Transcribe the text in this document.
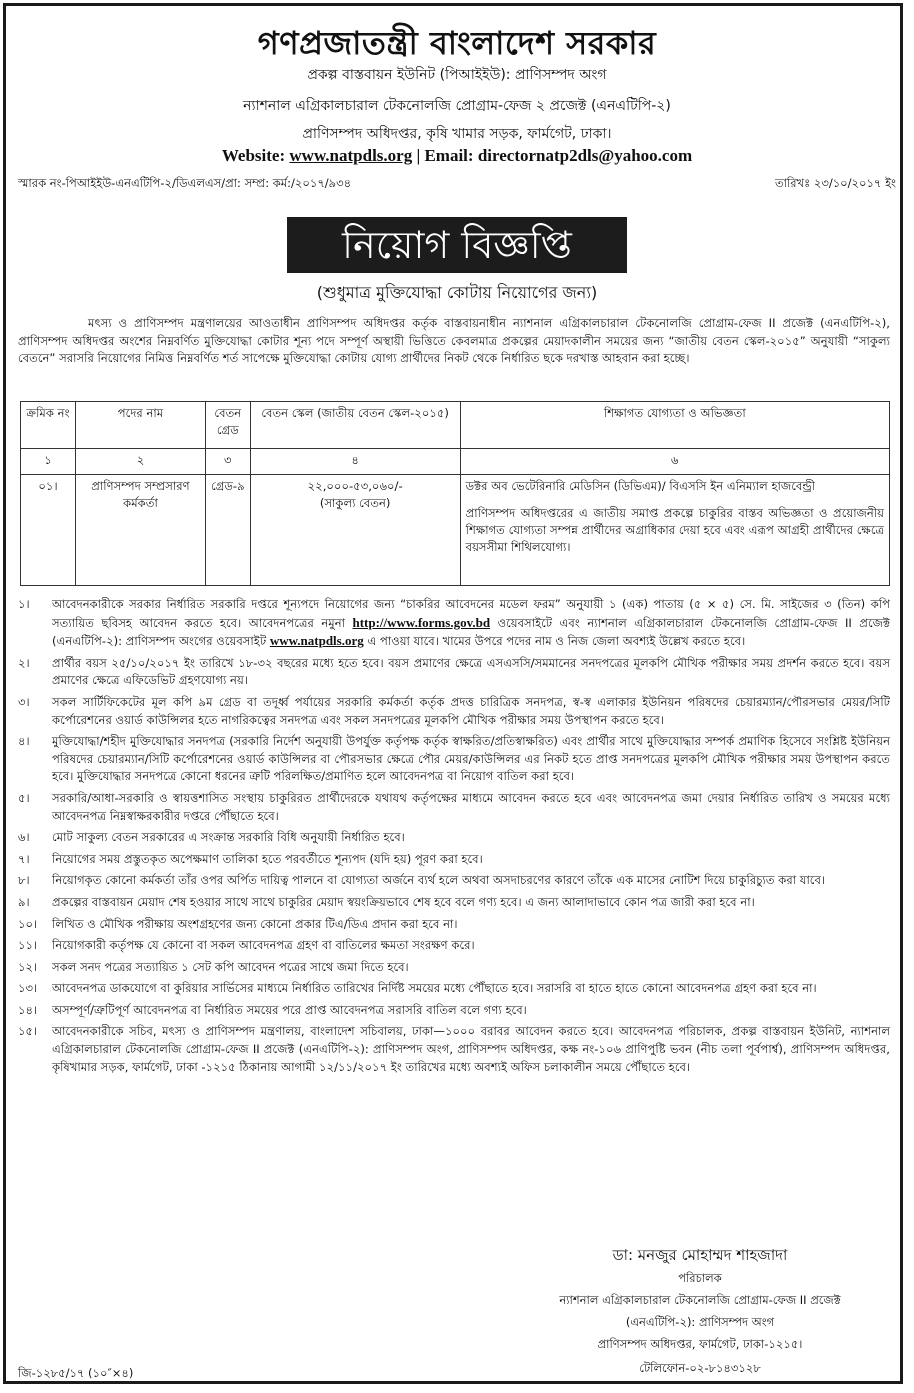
গণপ্রজাতন্ত্রী বাংলাদেশ সরকার
প্রকল্প বাস্তবায়ন ইউনিট (পিআইইউ): প্রাণিসম্পদ অংগ
ন্যাশনাল এগ্রিকালচারাল টেকনোলজি প্রোগ্রাম-ফেজ ২ প্রজেক্ট (এনএটিপি-২)
প্রাণিসম্পদ অধিদপ্তর, কৃষি খামার সড়ক, ফার্মগেট, ঢাকা।
Website: www.natpdls.org | Email: directornatp2dls@yahoo.com
স্মারক নং-পিআইইউ-এনএটিপি-২/ডিএলএস/প্রা: সম্প্র: কর্ম:/২০১৭/৯৩৪	তারিখঃ ২৩/১০/২০১৭ ইং
নিয়োগ বিজ্ঞপ্তি
(শুধুমাত্র মুক্তিযোদ্ধা কোটায় নিয়োগের জন্য)
মৎস্য ও প্রাণিসম্পদ মন্ত্রণালয়ের আওতাধীন প্রাণিসম্পদ অধিদপ্তর কর্তৃক বাস্তবায়নাধীন ন্যাশনাল এগ্রিকালচারাল টেকনোলজি প্রোগ্রাম-ফেজ II প্রজেক্ট (এনএটিপি-২), প্রাণিসম্পদ অধিদপ্তর অংশের নিম্নবর্ণিত মুক্তিযোদ্ধা কোটার শূন্য পদে সম্পূর্ণ অস্থায়ী ভিত্তিতে কেবলমাত্র প্রকল্পের মেয়াদকালীন সময়ের জন্য “জাতীয় বেতন স্কেল-২০১৫” অনুযায়ী “সাকুল্য বেতনে” সরাসরি নিয়োগের নিমিত্ত নিম্নবর্ণিত শর্ত সাপেক্ষে মুক্তিযোদ্ধা কোটায় যোগ্য প্রার্থীদের নিকট থেকে নির্ধারিত ছকে দরখাস্ত আহবান করা হচ্ছে।
ক্রমিক নং	পদের নাম	বেতন গ্রেড	বেতন স্কেল (জাতীয় বেতন স্কেল-২০১৫)	শিক্ষাগত যোগ্যতা ও অভিজ্ঞতা
১	২	৩	৪	৬
০১।	প্রাণিসম্পদ সম্প্রসারণ কর্মকর্তা	গ্রেড-৯	২২,০০০-৫৩,০৬০/-
(সাকুল্য বেতন)

ডক্টর অব ভেটেরিনারি মেডিসিন (ডিভিএম)/ বিএসসি ইন এনিম্যাল হাজবেন্ড্রী

প্রাণিসম্পদ অধিদপ্তরের এ জাতীয় সমাপ্ত প্রকল্পে চাকুরির বাস্তব অভিজ্ঞতা ও প্রয়োজনীয় শিক্ষাগত যোগ্যতা সম্পন্ন প্রার্থীদের অগ্রাধিকার দেয়া হবে এবং এরূপ আগ্রহী প্রার্থীদের ক্ষেত্রে বয়সসীমা শিথিলযোগ্য।

১।	আবেদনকারীকে সরকার নির্ধারিত সরকারি দপ্তরে শূন্যপদে নিয়োগের জন্য “চাকরির আবেদনের মডেল ফরম” অনুযায়ী ১ (এক) পাতায় (৫ × ৫) সে. মি. সাইজের ৩ (তিন) কপি সত্যায়িত ছবিসহ আবেদন করতে হবে। আবেদনপত্রের নমুনা http://www.forms.gov.bd ওয়েবসাইটে এবং ন্যাশনাল এগ্রিকালচারাল টেকনোলজি প্রোগ্রাম-ফেজ II প্রজেক্ট (এনএটিপি-২): প্রাণিসম্পদ অংগের ওয়েবসাইট www.natpdls.org এ পাওয়া যাবে। খামের উপরে পদের নাম ও নিজ জেলা অবশ্যই উল্লেখ করতে হবে।
২।	প্রার্থীর বয়স ২৫/১০/২০১৭ ইং তারিখে ১৮-৩২ বছরের মধ্যে হতে হবে। বয়স প্রমাণের ক্ষেত্রে এসএসসি/সমমানের সনদপত্রের মূলকপি মৌখিক পরীক্ষার সময় প্রদর্শন করতে হবে। বয়স প্রমাণের ক্ষেত্রে এফিডেভিট গ্রহণযোগ্য নয়।
৩।	সকল সার্টিফিকেটের মূল কপি ৯ম গ্রেড বা তদূর্ধ্ব পর্যায়ের সরকারি কর্মকর্তা কর্তৃক প্রদত্ত চারিত্রিক সনদপত্র, স্ব-স্ব এলাকার ইউনিয়ন পরিষদের চেয়ারম্যান/পৌরসভার মেয়র/সিটি কর্পোরেশনের ওয়ার্ড কাউন্সিলর হতে নাগরিকত্বের সনদপত্র এবং সকল সনদপত্রের মূলকপি মৌখিক পরীক্ষার সময় উপস্থাপন করতে হবে।
৪।	মুক্তিযোদ্ধা/শহীদ মুক্তিযোদ্ধার সনদপত্র (সরকারি নির্দেশ অনুযায়ী উপর্যুক্ত কর্তৃপক্ষ কর্তৃক স্বাক্ষরিত/প্রতিস্বাক্ষরিত) এবং প্রার্থীর সাথে মুক্তিযোদ্ধার সম্পর্ক প্রমাণিক হিসেবে সংশ্লিষ্ট ইউনিয়ন পরিষদের চেয়ারম্যান/সিটি কর্পোরেশনের ওয়ার্ড কাউন্সিলর বা পৌরসভার ক্ষেত্রে পৌর মেয়র/কাউন্সিলর এর নিকট হতে প্রাপ্ত সনদপত্রের মূলকপি মৌখিক পরীক্ষার সময় উপস্থাপন করতে হবে। মুক্তিযোদ্ধার সনদপত্রে কোনো ধরনের ত্রুটি পরিলক্ষিত/প্রমাণিত হলে আবেদনপত্র বা নিয়োগ বাতিল করা হবে।
৫।	সরকারি/আধা-সরকারি ও স্বায়ত্তশাসিত সংস্থায় চাকুরিরত প্রার্থীদেরকে যথাযথ কর্তৃপক্ষের মাধ্যমে আবেদন করতে হবে এবং আবেদনপত্র জমা দেয়ার নির্ধারিত তারিখ ও সময়ের মধ্যে আবেদনপত্র নিম্নস্বাক্ষরকারীর দপ্তরে পৌঁছাতে হবে।
৬।	মোট সাকুল্য বেতন সরকারের এ সংক্রান্ত সরকারি বিধি অনুযায়ী নির্ধারিত হবে।
৭।	নিয়োগের সময় প্রস্তুতকৃত অপেক্ষমাণ তালিকা হতে পরবর্তীতে শূন্যপদ (যদি হয়) পূরণ করা হবে।
৮।	নিয়োগকৃত কোনো কর্মকর্তা তাঁর ওপর অর্পিত দায়িত্ব পালনে বা যোগ্যতা অর্জনে ব্যর্থ হলে অথবা অসদাচরণের কারণে তাঁকে এক মাসের নোটিশ দিয়ে চাকুরিচ্যুত করা যাবে।
৯।	প্রকল্পের বাস্তবায়ন মেয়াদ শেষ হওয়ার সাথে সাথে চাকুরির মেয়াদ স্বয়ংক্রিয়ভাবে শেষ হবে বলে গণ্য হবে। এ জন্য আলাদাভাবে কোন পত্র জারী করা হবে না।
১০।	লিখিত ও মৌখিক পরীক্ষায় অংশগ্রহণের জন্য কোনো প্রকার টিএ/ডিএ প্রদান করা হবে না।
১১।	নিয়োগকারী কর্তৃপক্ষ যে কোনো বা সকল আবেদনপত্র গ্রহণ বা বাতিলের ক্ষমতা সংরক্ষণ করে।
১২।	সকল সনদ পত্রের সত্যায়িত ১ সেট কপি আবেদন পত্রের সাথে জমা দিতে হবে।
১৩।	আবেদনপত্র ডাকযোগে বা কুরিয়ার সার্ভিসের মাধ্যমে নির্ধারিত তারিখের নির্দিষ্ট সময়ের মধ্যে পৌঁছাতে হবে। সরাসরি বা হাতে হাতে কোনো আবেদনপত্র গ্রহণ করা হবে না।
১৪।	অসম্পূর্ণ/ত্রুটিপূর্ণ আবেদনপত্র বা নির্ধারিত সময়ের পরে প্রাপ্ত আবেদনপত্র সরাসরি বাতিল বলে গণ্য হবে।
১৫।	আবেদনকারীকে সচিব, মৎস্য ও প্রাণিসম্পদ মন্ত্রণালয়, বাংলাদেশ সচিবালয়, ঢাকা—১০০০ বরাবর আবেদন করতে হবে। আবেদনপত্র পরিচালক, প্রকল্প বাস্তবায়ন ইউনিট, ন্যাশনাল এগ্রিকালচারাল টেকনোলজি প্রোগ্রাম-ফেজ II প্রজেক্ট (এনএটিপি-২): প্রাণিসম্পদ অংগ, প্রাণিসম্পদ অধিদপ্তর, কক্ষ নং-১০৬ প্রাণিপুষ্টি ভবন (নীচ তলা পূর্বপার্শ্ব), প্রাণিসম্পদ অধিদপ্তর, কৃষিখামার সড়ক, ফার্মগেট, ঢাকা -১২১৫ ঠিকানায় আগামী ১২/১১/২০১৭ ইং তারিখের মধ্যে অবশ্যই অফিস চলাকালীন সময়ে পৌঁছাতে হবে।
ডা: মনজুর মোহাম্মদ শাহজাদা
পরিচালক
ন্যাশনাল এগ্রিকালচারাল টেকনোলজি প্রোগ্রাম-ফেজ II প্রজেক্ট
(এনএটিপি-২): প্রাণিসম্পদ অংগ
প্রাণিসম্পদ অধিদপ্তর, ফার্মগেট, ঢাকা-১২১৫।
টেলিফোন-০২-৮১৪৩১২৮
জি-১২৮৫/১৭ (১০″×৪)
